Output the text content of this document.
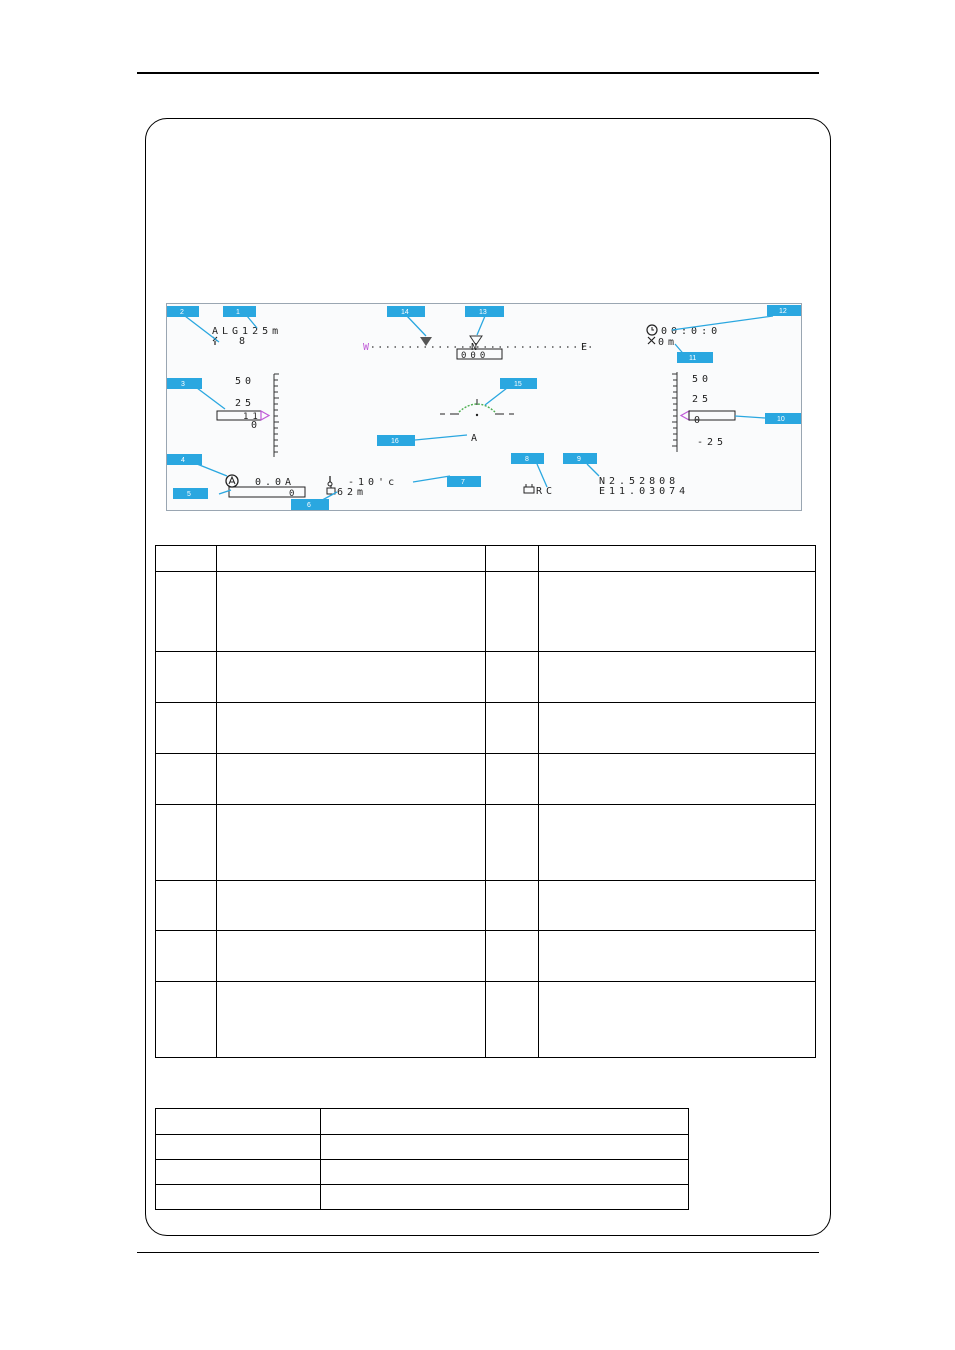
ALG125m
8
W	N	E
000
50
25
0
11
50
25
0
-25
A
00:0:0
0m
0.0A
0
-10'c
62m	RC
N2.52808
E11.03074
1
2
3
4
5
6
7
8	9
10
11
12
13
14
15
16
